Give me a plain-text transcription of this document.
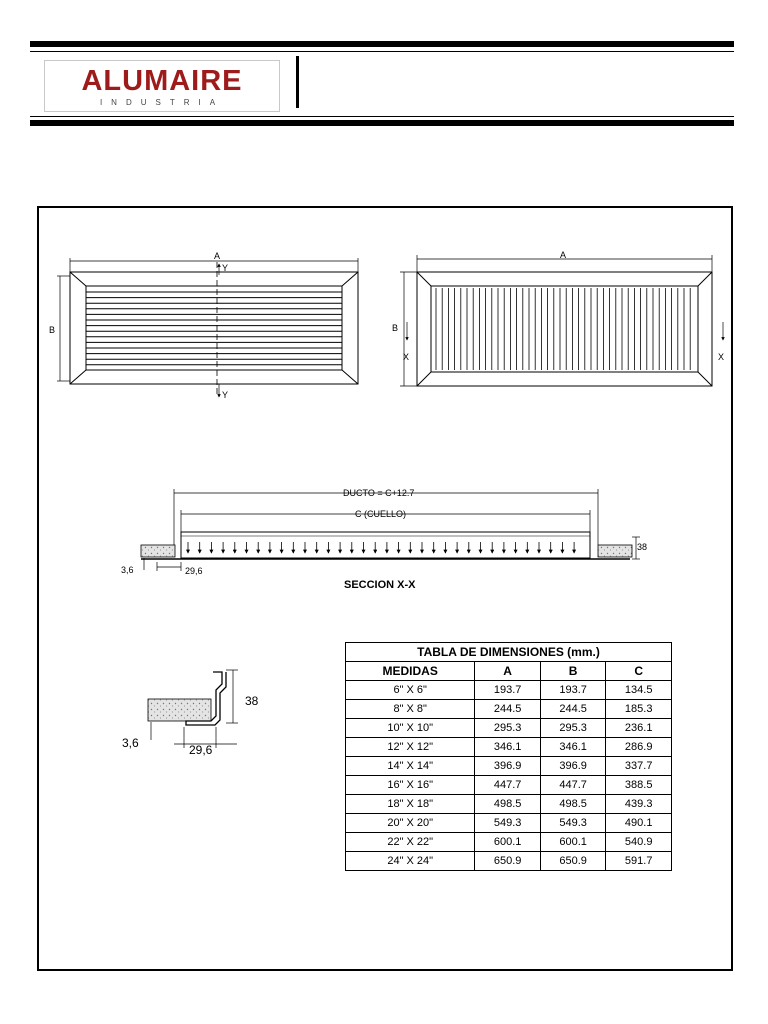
ALUMAIRE
INDUSTRIA
A
B
Y
Y
A
B
X	X
DUCTO = C+12.7
C (CUELLO)
38
3,6	29,6
SECCION X-X
38
3,6	29,6
TABLA DE DIMENSIONES (mm.)			
MEDIDAS	A	B	C
6" X 6"	193.7	193.7	134.5
8" X 8"	244.5	244.5	185.3
10" X 10"	295.3	295.3	236.1
12" X 12"	346.1	346.1	286.9
14" X 14"	396.9	396.9	337.7
16" X 16"	447.7	447.7	388.5
18" X 18"	498.5	498.5	439.3
20" X 20"	549.3	549.3	490.1
22" X 22"	600.1	600.1	540.9
24" X 24"	650.9	650.9	591.7
